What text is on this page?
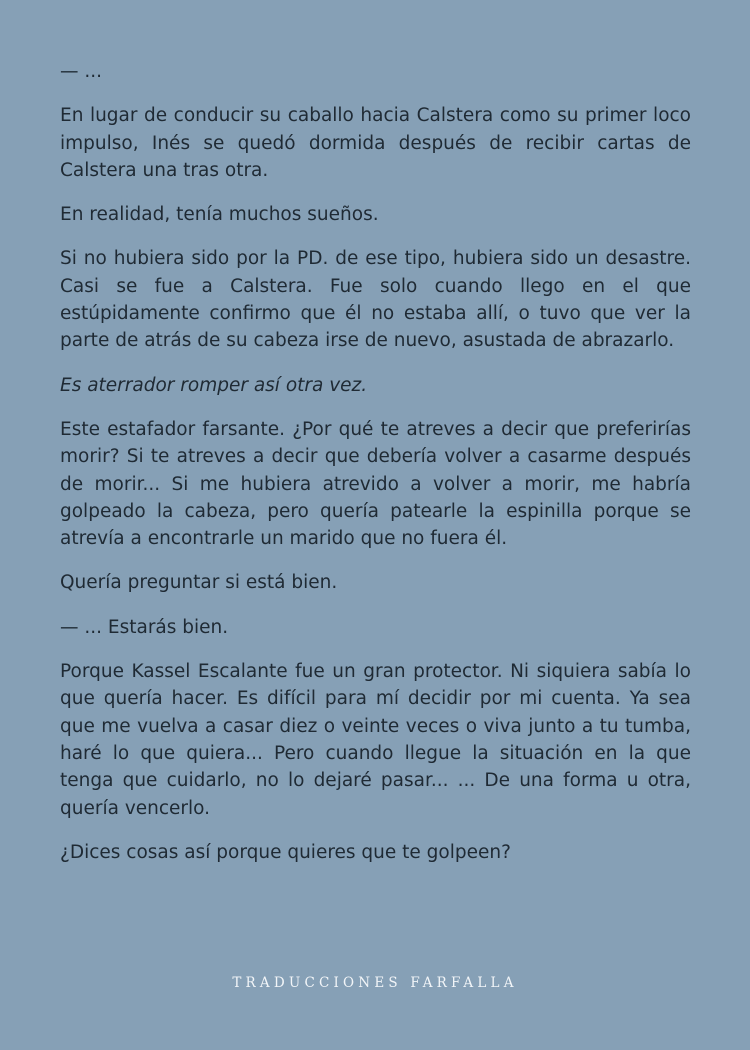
— ...

En lugar de conducir su caballo hacia Calstera como su primer loco impulso, Inés se quedó dormida después de recibir cartas de Calstera una tras otra.

En realidad, tenía muchos sueños.

Si no hubiera sido por la PD. de ese tipo, hubiera sido un desastre. Casi se fue a Calstera. Fue solo cuando llego en el que estúpidamente confirmo que él no estaba allí, o tuvo que ver la parte de atrás de su cabeza irse de nuevo, asustada de abrazarlo.

Es aterrador romper así otra vez.

Este estafador farsante. ¿Por qué te atreves a decir que preferirías morir? Si te atreves a decir que debería volver a casarme después de morir... Si me hubiera atrevido a volver a morir, me habría golpeado la cabeza, pero quería patearle la espinilla porque se atrevía a encontrarle un marido que no fuera él.

Quería preguntar si está bien.

— ... Estarás bien.

Porque Kassel Escalante fue un gran protector. Ni siquiera sabía lo que quería hacer. Es difícil para mí decidir por mi cuenta. Ya sea que me vuelva a casar diez o veinte veces o viva junto a tu tumba, haré lo que quiera... Pero cuando llegue la situación en la que tenga que cuidarlo, no lo dejaré pasar... ... De una forma u otra, quería vencerlo.

¿Dices cosas así porque quieres que te golpeen?

TRADUCCIONES FARFALLA
